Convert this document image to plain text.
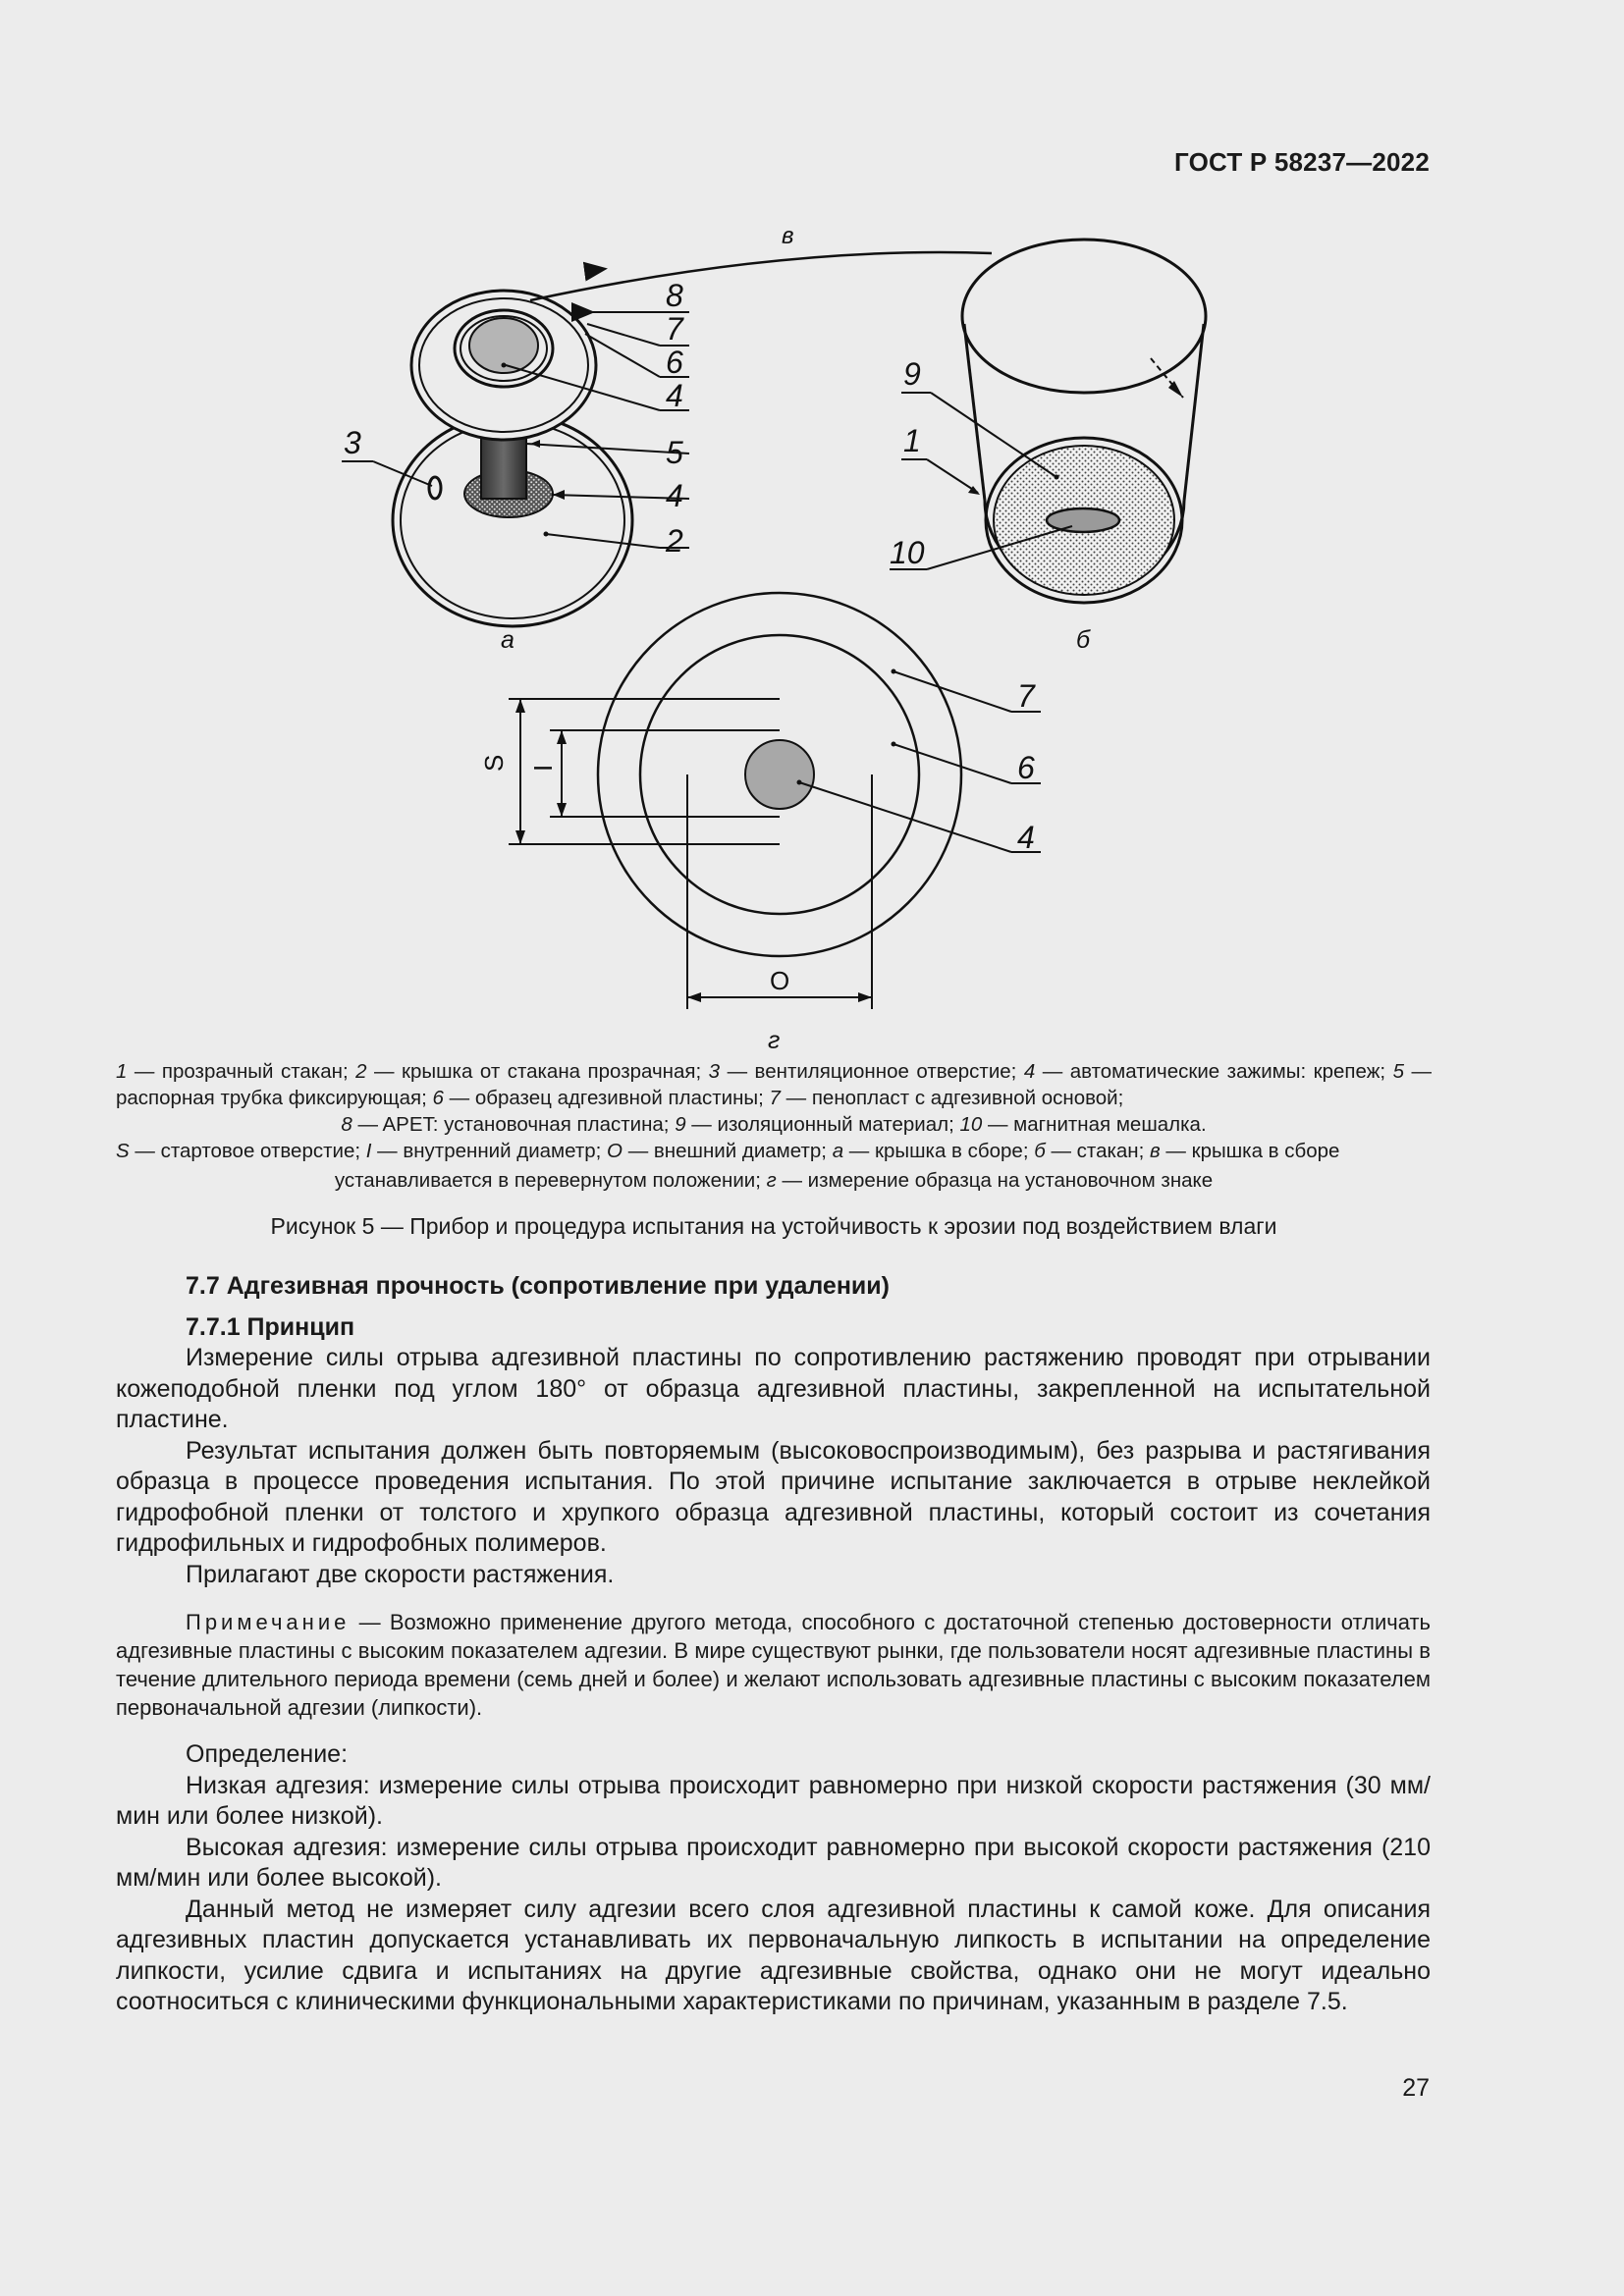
ГОСТ Р 58237—2022
8
7
6
4
5
4
2
3
в
а
9
1
10
б
7
6
4
S I
O
г

1 — прозрачный стакан; 2 — крышка от стакана прозрачная; 3 — вентиляционное отверстие; 4 — автоматические зажимы: крепеж; 5 — распорная трубка фиксирующая; 6 — образец адгезивной пластины; 7 — пенопласт с адгезивной основой;

8 — APET: установочная пластина; 9 — изоляционный материал; 10 — магнитная мешалка.

S — стартовое отверстие; I — внутренний диаметр; O — внешний диаметр; а — крышка в сборе; б — стакан; в — крышка в сборе

устанавливается в перевернутом положении; г — измерение образца на установочном знаке

Рисунок 5 — Прибор и процедура испытания на устойчивость к эрозии под воздействием влаги

7.7 Адгезивная прочность (сопротивление при удалении)

7.7.1 Принцип

Измерение силы отрыва адгезивной пластины по сопротивлению растяжению проводят при отрывании кожеподобной пленки под углом 180° от образца адгезивной пластины, закрепленной на испытательной пластине.

Результат испытания должен быть повторяемым (высоковоспроизводимым), без разрыва и растягивания образца в процессе проведения испытания. По этой причине испытание заключается в отрыве неклейкой гидрофобной пленки от толстого и хрупкого образца адгезивной пластины, который состоит из сочетания гидрофильных и гидрофобных полимеров.

Прилагают две скорости растяжения.

Примечание — Возможно применение другого метода, способного с достаточной степенью достоверности отличать адгезивные пластины с высоким показателем адгезии. В мире существуют рынки, где пользователи носят адгезивные пластины в течение длительного периода времени (семь дней и более) и желают использовать адгезивные пластины с высоким показателем первоначальной адгезии (липкости).

Определение:

Низкая адгезия: измерение силы отрыва происходит равномерно при низкой скорости растяжения (30 мм/мин или более низкой).

Высокая адгезия: измерение силы отрыва происходит равномерно при высокой скорости растяжения (210 мм/мин или более высокой).

Данный метод не измеряет силу адгезии всего слоя адгезивной пластины к самой коже. Для описания адгезивных пластин допускается устанавливать их первоначальную липкость в испытании на определение липкости, усилие сдвига и испытаниях на другие адгезивные свойства, однако они не могут идеально соотноситься с клиническими функциональными характеристиками по причинам, указанным в разделе 7.5.

27
